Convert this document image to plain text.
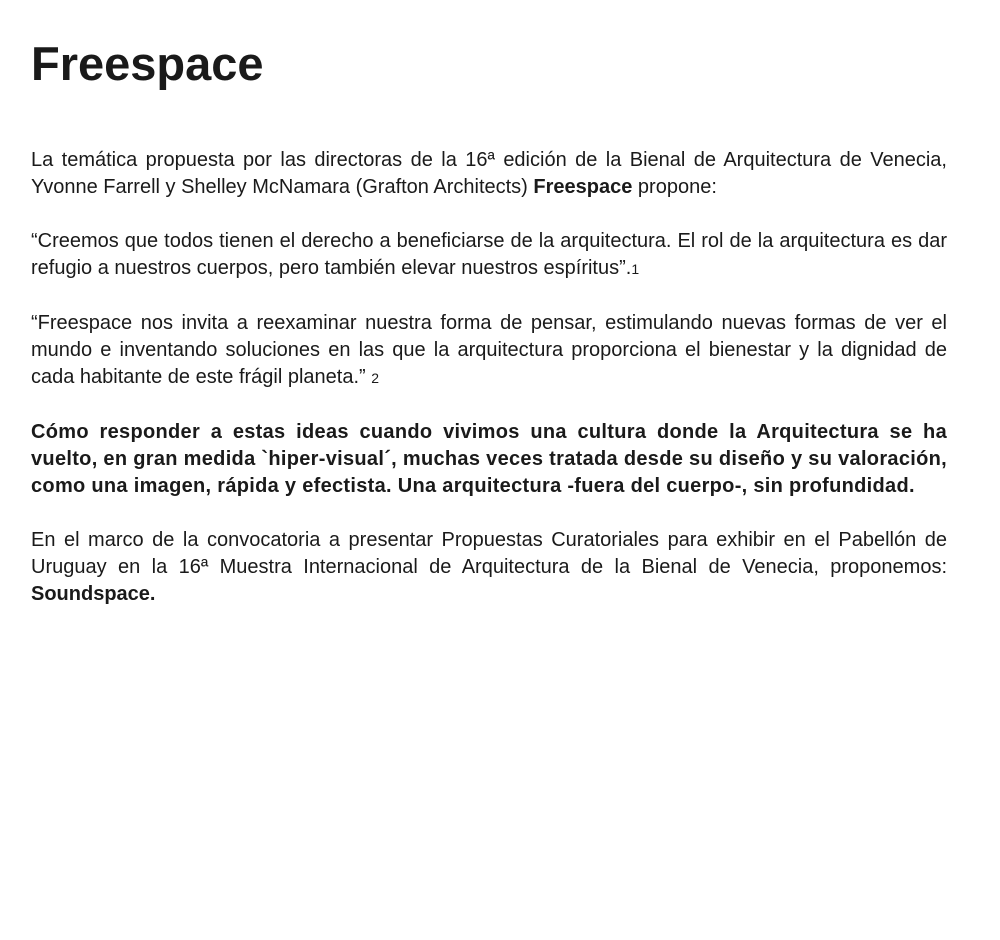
Freespace

La temática propuesta por las directoras de la 16ª edición de la Bienal de Arquitectura de Venecia, Yvonne Farrell y Shelley McNamara (Grafton Architects) Freespace propone:

“Creemos que todos tienen el derecho a beneficiarse de la arquitectura. El rol de la arquitectura es dar refugio a nuestros cuerpos, pero también elevar nuestros espíritus”.1

“Freespace nos invita a reexaminar nuestra forma de pensar, estimulando nuevas formas de ver el mundo e inventando soluciones en las que la arquitectura proporciona el bienestar y la dignidad de cada habitante de este frágil planeta.” 2

Cómo responder a estas ideas cuando vivimos una cultura donde la Arquitectura se ha vuelto, en gran medida `hiper-visual´, muchas veces tratada desde su diseño y su valoración, como una imagen, rápida y efectista. Una arquitectura -fuera del cuerpo-, sin profundidad.

En el marco de la convocatoria a presentar Propuestas Curatoriales para exhibir en el Pabellón de Uruguay en la 16ª Muestra Internacional de Arquitectura de la Bienal de Venecia, proponemos: Soundspace.
